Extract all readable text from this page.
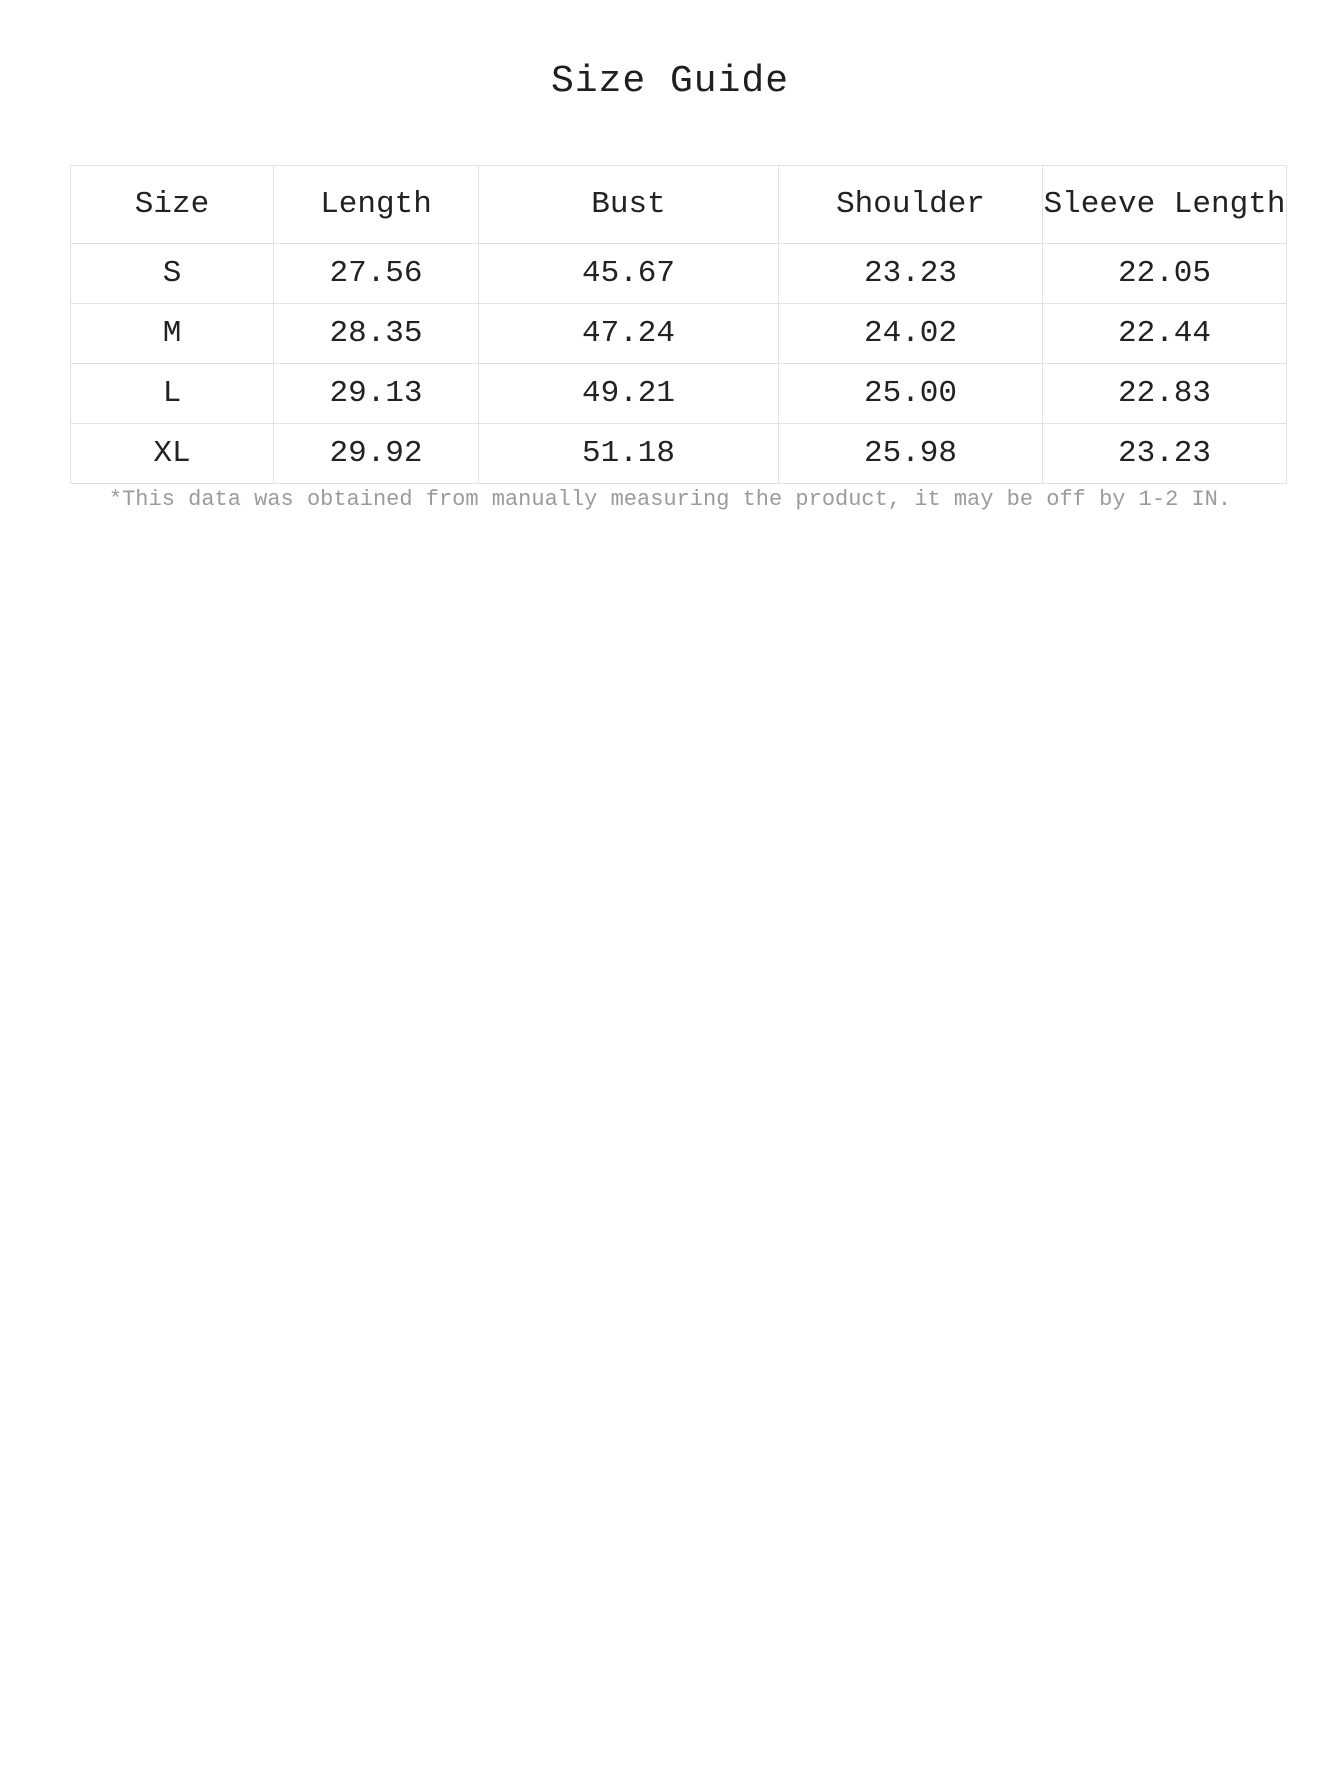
Size Guide
Size	Length	Bust	Shoulder	Sleeve Length
S	27.56	45.67	23.23	22.05
M	28.35	47.24	24.02	22.44
L	29.13	49.21	25.00	22.83
XL	29.92	51.18	25.98	23.23
*This data was obtained from manually measuring the product, it may be off by 1-2 IN.
